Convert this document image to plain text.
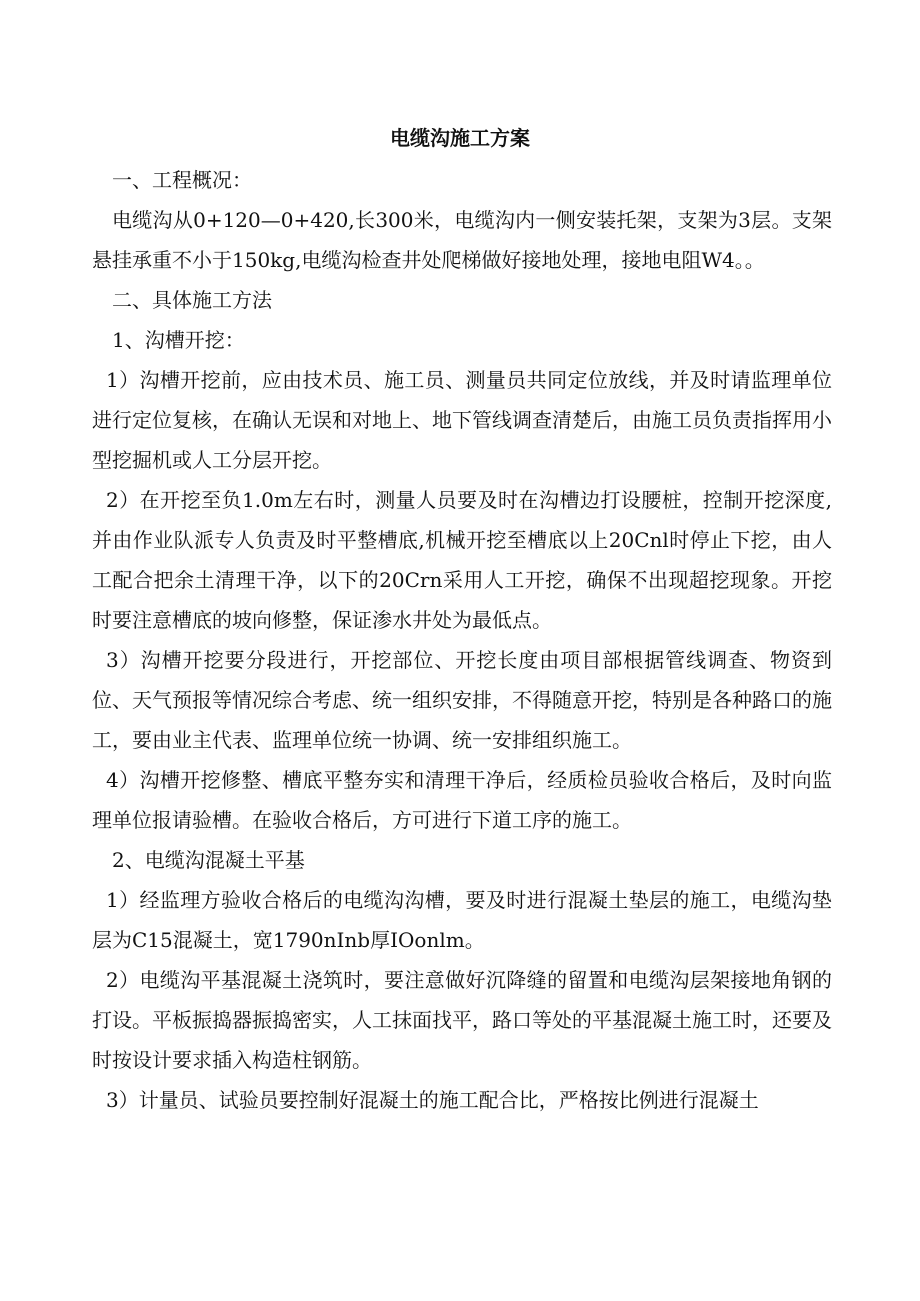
电缆沟施工方案

一、工程概况：

电缆沟从0+120—0+420,长300米，电缆沟内一侧安装托架，支架为3层。支架悬挂承重不小于150kg,电缆沟检查井处爬梯做好接地处理，接地电阻W4。。

二、具体施工方法

1、沟槽开挖：

1）沟槽开挖前，应由技术员、施工员、测量员共同定位放线，并及时请监理单位进行定位复核，在确认无误和对地上、地下管线调查清楚后，由施工员负责指挥用小型挖掘机或人工分层开挖。

2）在开挖至负1.0m左右时，测量人员要及时在沟槽边打设腰桩，控制开挖深度,并由作业队派专人负责及时平整槽底,机械开挖至槽底以上20Cnl时停止下挖，由人工配合把余土清理干净，以下的20Crn采用人工开挖，确保不出现超挖现象。开挖时要注意槽底的坡向修整，保证渗水井处为最低点。

3）沟槽开挖要分段进行，开挖部位、开挖长度由项目部根据管线调查、物资到位、天气预报等情况综合考虑、统一组织安排，不得随意开挖，特别是各种路口的施工，要由业主代表、监理单位统一协调、统一安排组织施工。

4）沟槽开挖修整、槽底平整夯实和清理干净后，经质检员验收合格后，及时向监理单位报请验槽。在验收合格后，方可进行下道工序的施工。

2、电缆沟混凝土平基

1）经监理方验收合格后的电缆沟沟槽，要及时进行混凝土垫层的施工，电缆沟垫层为C15混凝土，宽1790nInb厚IOonlm。

2）电缆沟平基混凝土浇筑时，要注意做好沉降缝的留置和电缆沟层架接地角钢的打设。平板振捣器振捣密实，人工抹面找平，路口等处的平基混凝土施工时，还要及时按设计要求插入构造柱钢筋。

3）计量员、试验员要控制好混凝土的施工配合比，严格按比例进行混凝土
